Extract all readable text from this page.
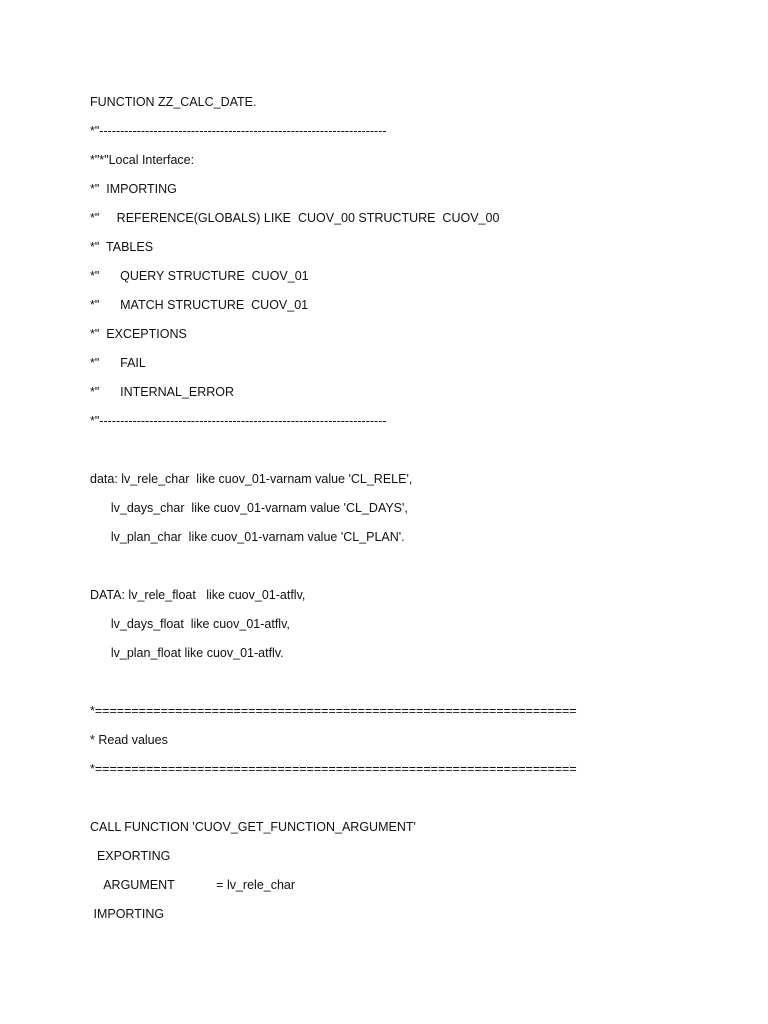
FUNCTION ZZ_CALC_DATE.
*"---------------------------------------------------------------------
*"*"Local Interface:
*"  IMPORTING
*"     REFERENCE(GLOBALS) LIKE  CUOV_00 STRUCTURE  CUOV_00
*"  TABLES
*"      QUERY STRUCTURE  CUOV_01
*"      MATCH STRUCTURE  CUOV_01
*"  EXCEPTIONS
*"      FAIL
*"      INTERNAL_ERROR
*"---------------------------------------------------------------------
data: lv_rele_char  like cuov_01-varnam value 'CL_RELE',
lv_days_char  like cuov_01-varnam value 'CL_DAYS',
lv_plan_char  like cuov_01-varnam value 'CL_PLAN'.
DATA: lv_rele_float   like cuov_01-atflv,
lv_days_float  like cuov_01-atflv,
lv_plan_float like cuov_01-atflv.
*==================================================================
* Read values
*==================================================================
CALL FUNCTION 'CUOV_GET_FUNCTION_ARGUMENT'
EXPORTING
ARGUMENT            = lv_rele_char
IMPORTING
